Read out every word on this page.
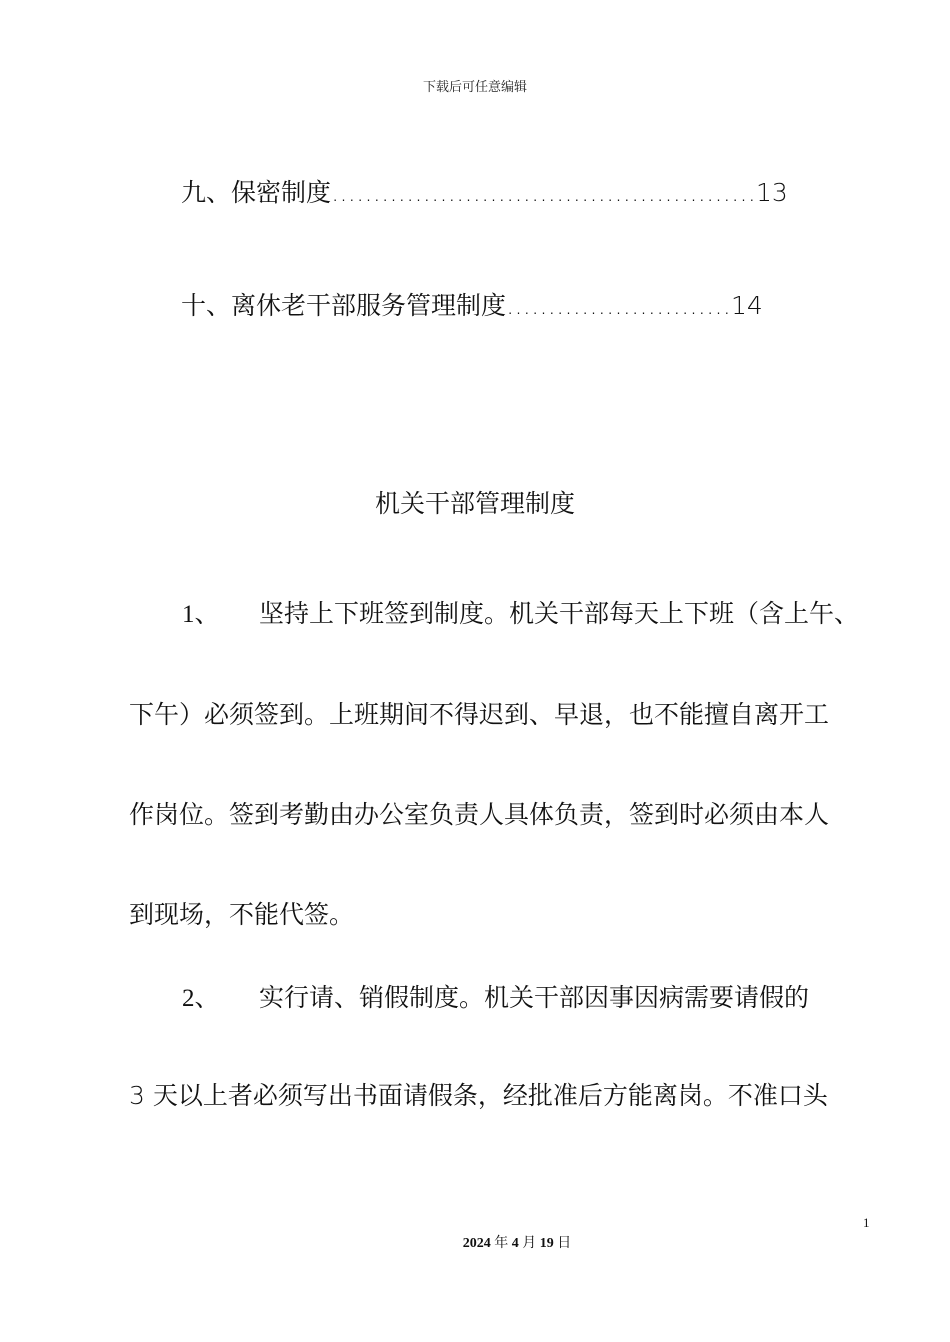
下载后可任意编辑
九、保密制度……………………………………………13
十、离休老干部服务管理制度………………………14
机关干部管理制度
1、 坚持上下班签到制度。机关干部每天上下班（含上午、
下午）必须签到。上班期间不得迟到、早退，也不能擅自离开工
作岗位。签到考勤由办公室负责人具体负责，签到时必须由本人
到现场，不能代签。
2、 实行请、销假制度。机关干部因事因病需要请假的
3 天以上者必须写出书面请假条，经批准后方能离岗。不准口头
1
2024 年 4 月 19 日
